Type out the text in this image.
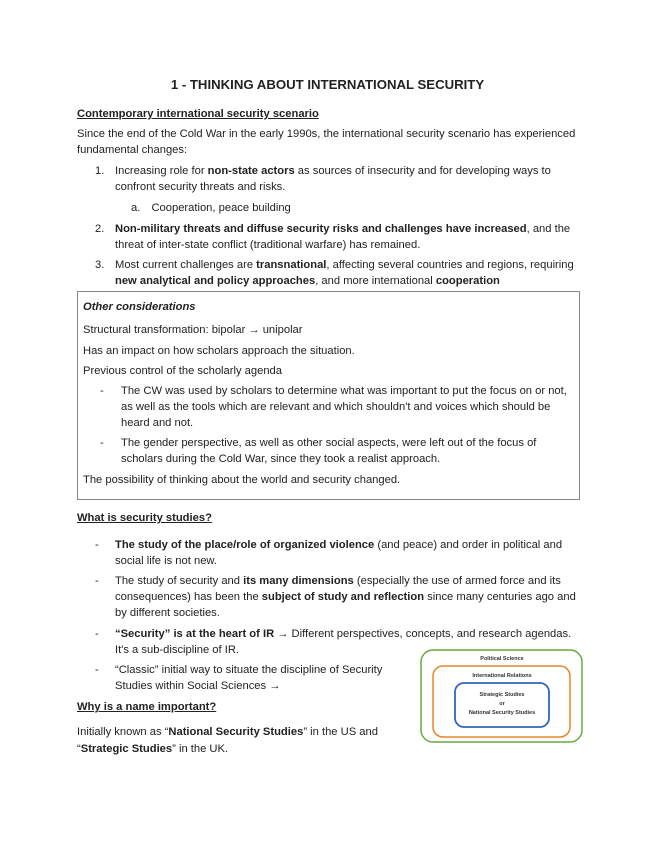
1 - THINKING ABOUT INTERNATIONAL SECURITY
Contemporary international security scenario
Since the end of the Cold War in the early 1990s, the international security scenario has experienced fundamental changes:
1. Increasing role for non-state actors as sources of insecurity and for developing ways to confront security threats and risks.
a. Cooperation, peace building
2. Non-military threats and diffuse security risks and challenges have increased, and the threat of inter-state conflict (traditional warfare) has remained.
3. Most current challenges are transnational, affecting several countries and regions, requiring new analytical and policy approaches, and more international cooperation
Other considerations
Structural transformation: bipolar → unipolar
Has an impact on how scholars approach the situation.
Previous control of the scholarly agenda
- The CW was used by scholars to determine what was important to put the focus on or not, as well as the tools which are relevant and which shouldn't and voices which should be heard and not.
- The gender perspective, as well as other social aspects, were left out of the focus of scholars during the Cold War, since they took a realist approach.
The possibility of thinking about the world and security changed.
What is security studies?
- The study of the place/role of organized violence (and peace) and order in political and social life is not new.
- The study of security and its many dimensions (especially the use of armed force and its consequences) has been the subject of study and reflection since many centuries ago and by different societies.
- “Security” is at the heart of IR → Different perspectives, concepts, and research agendas. It's a sub-discipline of IR.
- “Classic” initial way to situate the discipline of Security Studies within Social Sciences →
Why is a name important?
Initially known as “National Security Studies” in the US and
“Strategic Studies” in the UK.
Political Science
International Relations
Strategic Studies
or
National Security Studies
